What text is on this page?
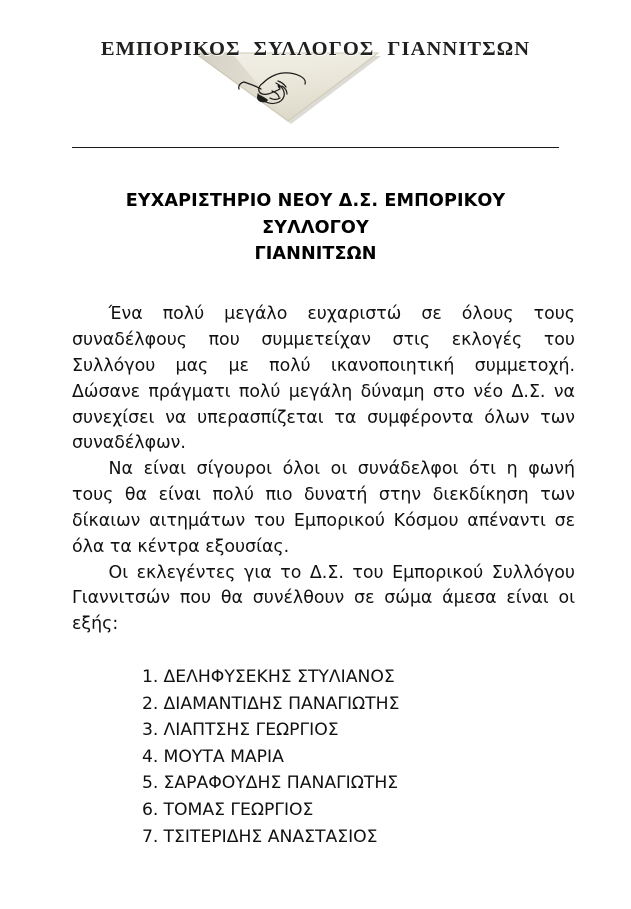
ΕΜΠΟΡΙΚΟΣ ΣΥΛΛΟΓΟΣ ΓΙΑΝΝΙΤΣΩΝ
ΕΥΧΑΡΙΣΤΗΡΙΟ ΝΕΟΥ Δ.Σ. ΕΜΠΟΡΙΚΟΥ ΣΥΛΛΟΓΟΥ
ΓΙΑΝΝΙΤΣΩΝ

Ένα πολύ μεγάλο ευχαριστώ σε όλους τους συναδέλφους που συμμετείχαν στις εκλογές του Συλλόγου μας με πολύ ικανοποιητική συμμετοχή. Δώσανε πράγματι πολύ μεγάλη δύναμη στο νέο Δ.Σ. να συνεχίσει να υπερασπίζεται τα συμφέροντα όλων των συναδέλφων.

Να είναι σίγουροι όλοι οι συνάδελφοι ότι η φωνή τους θα είναι πολύ πιο δυνατή στην διεκδίκηση των δίκαιων αιτημάτων του Εμπορικού Κόσμου απέναντι σε όλα τα κέντρα εξουσίας.

Οι εκλεγέντες για το Δ.Σ. του Εμπορικού Συλλόγου Γιαννιτσών που θα συνέλθουν σε σώμα άμεσα είναι οι εξής:

1. ΔΕΛΗΦΥΣΕΚΗΣ ΣΤΥΛΙΑΝΟΣ
2. ΔΙΑΜΑΝΤΙΔΗΣ ΠΑΝΑΓΙΩΤΗΣ
3. ΛΙΑΠΤΣΗΣ ΓΕΩΡΓΙΟΣ
4. ΜΟΥΤΑ ΜΑΡΙΑ
5. ΣΑΡΑΦΟΥΔΗΣ ΠΑΝΑΓΙΩΤΗΣ
6. ΤΟΜΑΣ ΓΕΩΡΓΙΟΣ
7. ΤΣΙΤΕΡΙΔΗΣ ΑΝΑΣΤΑΣΙΟΣ
